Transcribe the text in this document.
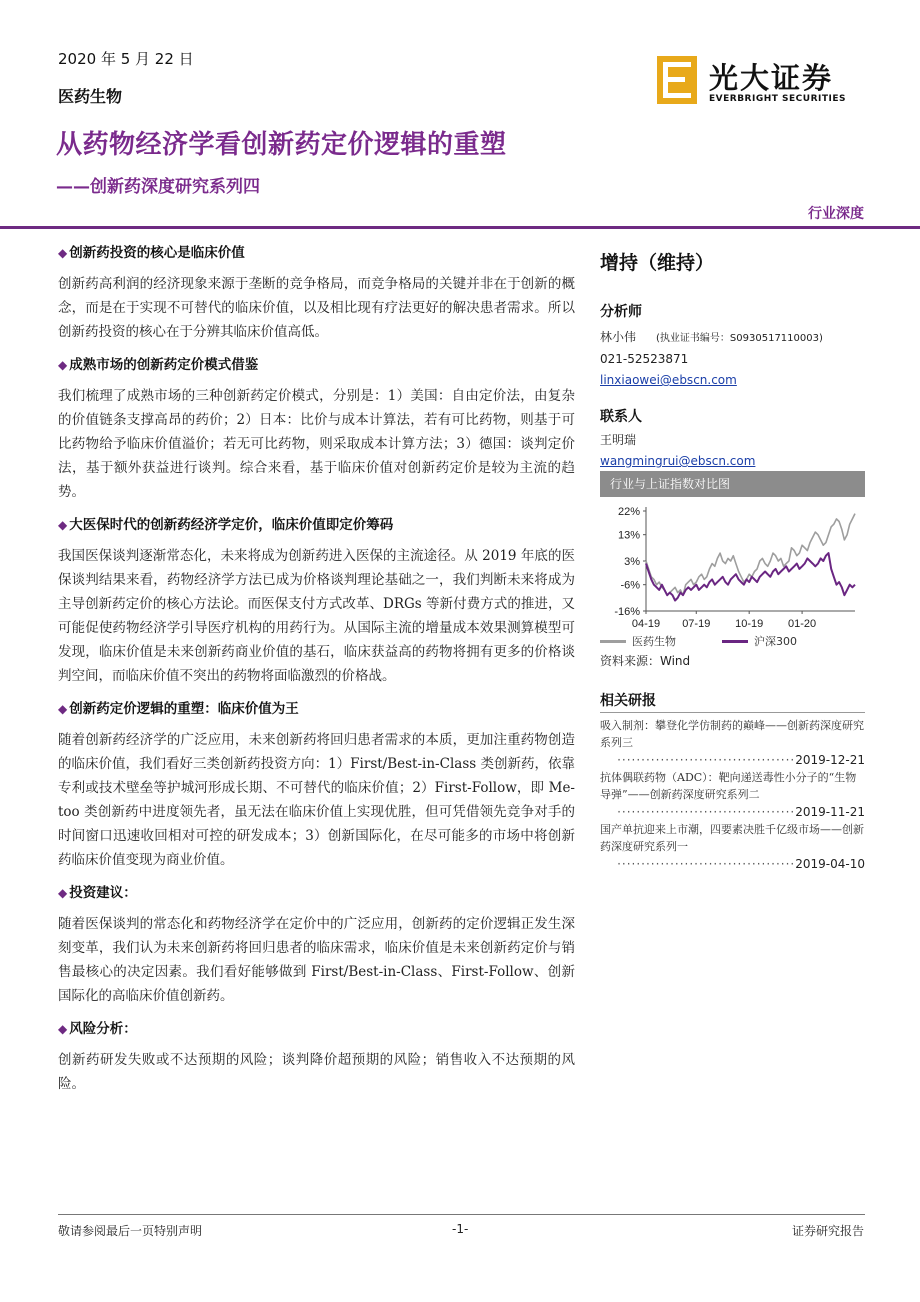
2020 年 5 月 22 日
医药生物
光大证券
EVERBRIGHT SECURITIES
从药物经济学看创新药定价逻辑的重塑
——创新药深度研究系列四
行业深度
◆ 创新药投资的核心是临床价值
创新药高利润的经济现象来源于垄断的竞争格局，而竞争格局的关键并非在于创新的概念，而是在于实现不可替代的临床价值，以及相比现有疗法更好的解决患者需求。所以创新药投资的核心在于分辨其临床价值高低。
◆ 成熟市场的创新药定价模式借鉴
我们梳理了成熟市场的三种创新药定价模式，分别是：1）美国：自由定价法，由复杂的价值链条支撑高昂的药价；2）日本：比价与成本计算法，若有可比药物，则基于可比药物给予临床价值溢价；若无可比药物，则采取成本计算方法；3）德国：谈判定价法，基于额外获益进行谈判。综合来看，基于临床价值对创新药定价是较为主流的趋势。
◆ 大医保时代的创新药经济学定价，临床价值即定价筹码
我国医保谈判逐渐常态化，未来将成为创新药进入医保的主流途径。从 2019 年底的医保谈判结果来看，药物经济学方法已成为价格谈判理论基础之一，我们判断未来将成为主导创新药定价的核心方法论。而医保支付方式改革、DRGs 等新付费方式的推进，又可能促使药物经济学引导医疗机构的用药行为。从国际主流的增量成本效果测算模型可发现，临床价值是未来创新药商业价值的基石，临床获益高的药物将拥有更多的价格谈判空间，而临床价值不突出的药物将面临激烈的价格战。
◆ 创新药定价逻辑的重塑：临床价值为王
随着创新药经济学的广泛应用，未来创新药将回归患者需求的本质，更加注重药物创造的临床价值，我们看好三类创新药投资方向：1）First/Best-in-Class 类创新药，依靠专利或技术壁垒等护城河形成长期、不可替代的临床价值；2）First-Follow，即 Me-too 类创新药中进度领先者，虽无法在临床价值上实现优胜，但可凭借领先竞争对手的时间窗口迅速收回相对可控的研发成本；3）创新国际化，在尽可能多的市场中将创新药临床价值变现为商业价值。
◆ 投资建议：
随着医保谈判的常态化和药物经济学在定价中的广泛应用，创新药的定价逻辑正发生深刻变革，我们认为未来创新药将回归患者的临床需求，临床价值是未来创新药定价与销售最核心的决定因素。我们看好能够做到 First/Best-in-Class、First-Follow、创新国际化的高临床价值创新药。
◆ 风险分析：
创新药研发失败或不达预期的风险；谈判降价超预期的风险；销售收入不达预期的风险。
增持（维持）
分析师
林小伟 (执业证书编号：S0930517110003)
021-52523871
linxiaowei@ebscn.com
联系人
王明瑞
wangmingrui@ebscn.com
行业与上证指数对比图
22%
13%
3%
-6%
-16%
04-19 07-19 10-19 01-20
医药生物	沪深300
资料来源：Wind
相关研报
吸入制剂：攀登化学仿制药的巅峰——创新药深度研究系列三
·····································2019-12-21
抗体偶联药物（ADC）：靶向递送毒性小分子的“生物导弹”——创新药深度研究系列二
·····································2019-11-21
国产单抗迎来上市潮，四要素决胜千亿级市场——创新药深度研究系列一
·····································2019-04-10
敬请参阅最后一页特别声明	-1-	证券研究报告
